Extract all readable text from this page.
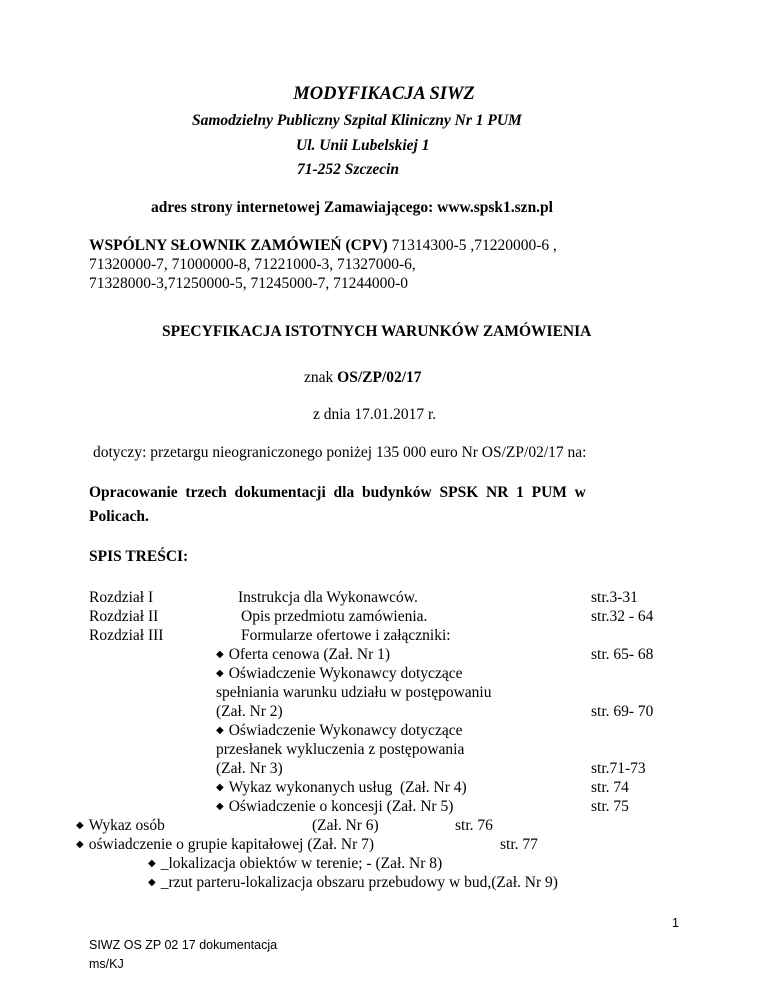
MODYFIKACJA SIWZ
Samodzielny Publiczny Szpital Kliniczny Nr 1 PUM
Ul. Unii Lubelskiej 1
71-252 Szczecin
adres strony internetowej Zamawiającego: www.spsk1.szn.pl
WSPÓLNY SŁOWNIK ZAMÓWIEŃ (CPV) 71314300-5 ,71220000-6 ,
71320000-7, 71000000-8, 71221000-3, 71327000-6,
71328000-3,71250000-5, 71245000-7, 71244000-0
SPECYFIKACJA ISTOTNYCH WARUNKÓW ZAMÓWIENIA
znak OS/ZP/02/17
z dnia 17.01.2017 r.
dotyczy: przetargu nieograniczonego poniżej 135 000 euro Nr OS/ZP/02/17 na:
Opracowanie  trzech  dokumentacji  dla  budynków  SPSK  NR  1  PUM  w
Policach.
SPIS TREŚCI:
Rozdział I	Instrukcja dla Wykonawców.	str.3-31
Rozdział II	Opis przedmiotu zamówienia.	str.32 - 64
Rozdział III	Formularze ofertowe i załączniki:
◆ Oferta cenowa (Zał. Nr 1)	str. 65- 68
◆ Oświadczenie Wykonawcy dotyczące
spełniania warunku udziału w postępowaniu
(Zał. Nr 2)	str. 69- 70
◆ Oświadczenie Wykonawcy dotyczące
przesłanek wykluczenia z postępowania
(Zał. Nr 3)	str.71-73
◆ Wykaz wykonanych usług  (Zał. Nr 4)	str. 74
◆ Oświadczenie o koncesji (Zał. Nr 5)	str. 75
◆ Wykaz osób	(Zał. Nr 6)	str. 76
◆ oświadczenie o grupie kapitałowej (Zał. Nr 7)	str. 77
◆ _lokalizacja obiektów w terenie; - (Zał. Nr 8)
◆ _rzut parteru-lokalizacja obszaru przebudowy w bud,(Zał. Nr 9)
1
SIWZ OS ZP 02 17 dokumentacja
ms/KJ
